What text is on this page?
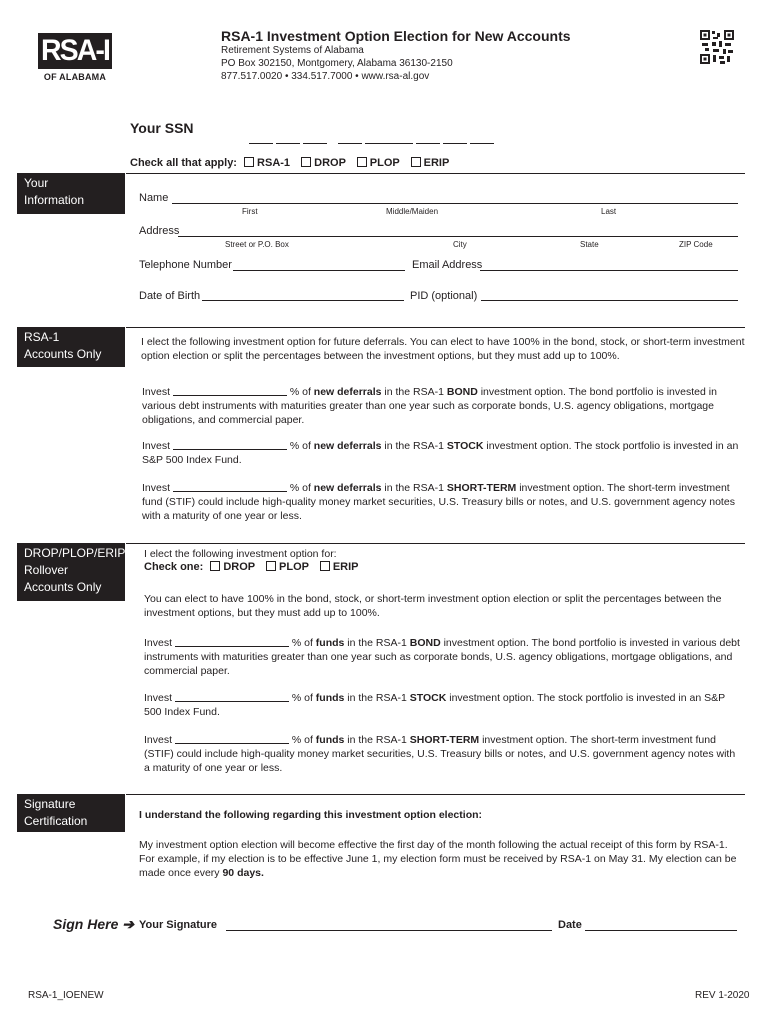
RSA-I
OF ALABAMA
RSA-1 Investment Option Election for New Accounts
Retirement Systems of Alabama
PO Box 302150, Montgomery, Alabama 36130-2150
877.517.0020 • 334.517.7000 • www.rsa-al.gov
Your SSN
Check all that apply: RSA-1 DROP PLOP ERIP
Your
Information	Name
First	Middle/Maiden	Last
Address
Street or P.O. Box	City	State	ZIP Code
Telephone Number	Email Address
Date of Birth	PID (optional)
RSA-1
Accounts Only
I elect the following investment option for future deferrals. You can elect to have 100% in the bond, stock, or short-term investment option election or split the percentages between the investment options, but they must add up to 100%.
Invest	% of new deferrals in the RSA-1 BOND investment option. The bond portfolio is invested in various debt instruments with maturities greater than one year such as corporate bonds, U.S. agency obligations, mortgage obligations, and commercial paper.
Invest	% of new deferrals in the RSA-1 STOCK investment option. The stock portfolio is invested in an S&P 500 Index Fund.
Invest	% of new deferrals in the RSA-1 SHORT-TERM investment option. The short-term investment fund (STIF) could include high-quality money market securities, U.S. Treasury bills or notes, and U.S. government agency notes with a maturity of one year or less.
DROP/PLOP/ERIP
Rollover
Accounts Only
I elect the following investment option for:
Check one: DROP PLOP ERIP
You can elect to have 100% in the bond, stock, or short-term investment option election or split the percentages between the investment options, but they must add up to 100%.
Invest	% of funds in the RSA-1 BOND investment option. The bond portfolio is invested in various debt instruments with maturities greater than one year such as corporate bonds, U.S. agency obligations, mortgage obligations, and commercial paper.
Invest	% of funds in the RSA-1 STOCK investment option. The stock portfolio is invested in an S&P 500 Index Fund.
Invest	% of funds in the RSA-1 SHORT-TERM investment option. The short-term investment fund (STIF) could include high-quality money market securities, U.S. Treasury bills or notes, and U.S. government agency notes with a maturity of one year or less.
Signature
Certification	I understand the following regarding this investment option election:
My investment option election will become effective the first day of the month following the actual receipt of this form by RSA-1. For example, if my election is to be effective June 1, my election form must be received by RSA-1 on May 31. My election can be made once every 90 days.
Sign Here ➔ Your Signature	Date
RSA-1_IOENEW	REV 1-2020
